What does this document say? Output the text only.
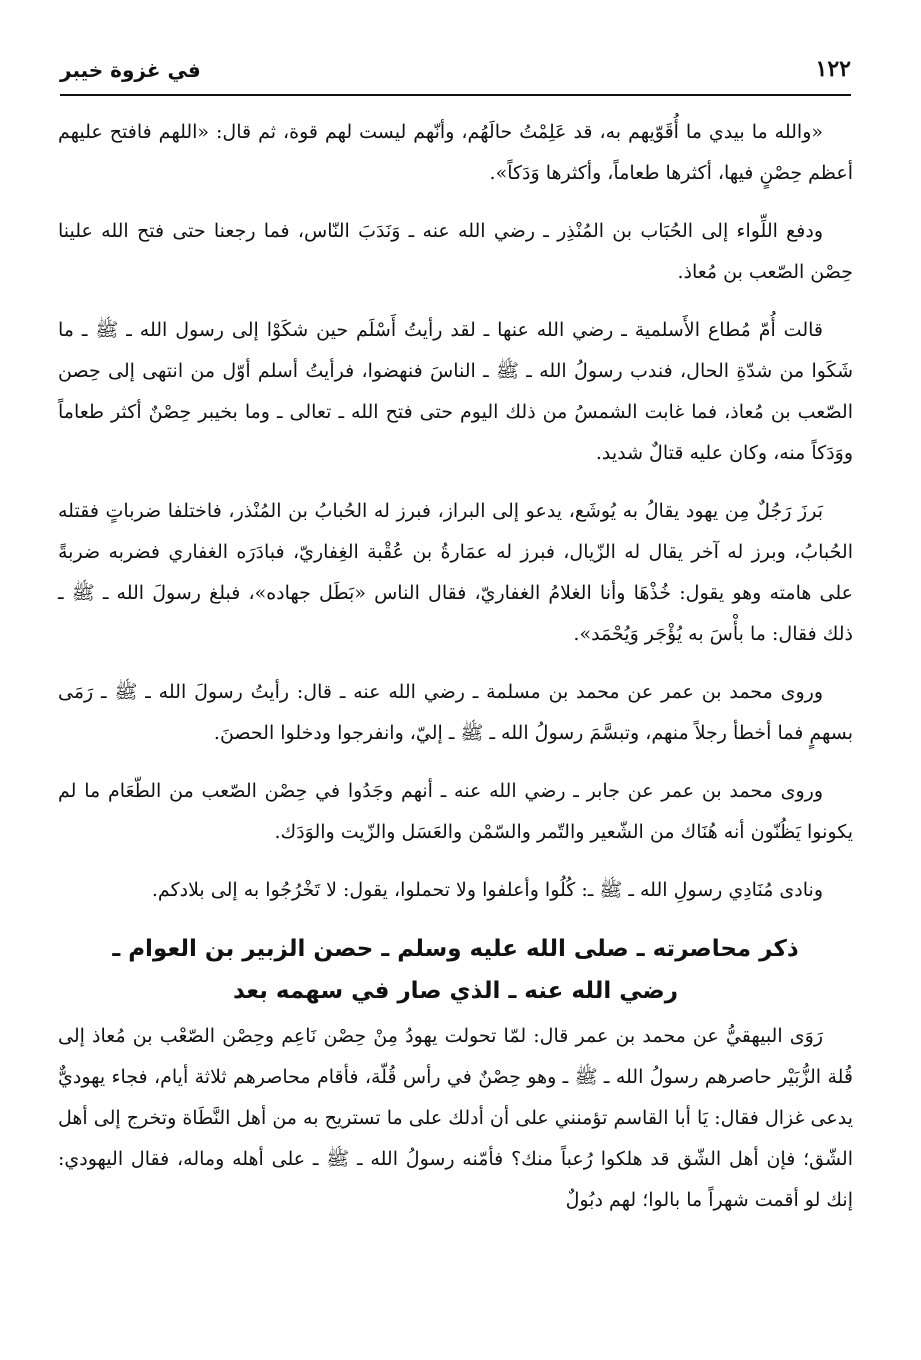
١٢٢
في غزوة خيبر

«والله ما بيدي ما أُقَوّيهم به، قد عَلِمْتُ حالَهُم، وأنّهم ليست لهم قوة، ثم قال: «اللهم فافتح عليهم أعظم حِصْنٍ فيها، أكثرها طعاماً، وأكثرها وَدَكاً».

ودفع اللِّواء إلى الحُبَاب بن المُنْذِر ـ رضي الله عنه ـ وَنَدَبَ النّاس، فما رجعنا حتى فتح الله علينا حِصْن الصّعب بن مُعاذ.

قالت أُمّ مُطاع الأَسلمية ـ رضي الله عنها ـ لقد رأيتُ أَسْلَم حين شكَوْا إلى رسول الله ـ ﷺ ـ ما شَكَوا من شدّةِ الحال، فندب رسولُ الله ـ ﷺ ـ الناسَ فنهضوا، فرأيتُ أسلم أوّل من انتهى إلى حِصن الصّعب بن مُعاذ، فما غابت الشمسُ من ذلك اليوم حتى فتح الله ـ تعالى ـ وما بخيبر حِصْنٌ أكثر طعاماً ووَدَكاً منه، وكان عليه قتالٌ شديد.

بَرزَ رَجُلٌ مِن يهود يقالُ به يُوشَع، يدعو إلى البراز، فبرز له الحُبابُ بن المُنْذر، فاختلفا ضرباتٍ فقتله الحُبابُ، وبرز له آخر يقال له الزّيال، فبرز له عمَارةُ بن عُقْبة الغِفاريّ، فبادَرَه الغفاري فضربه ضربةً على هامته وهو يقول: خُذْهَا وأنا الغلامُ الغفاريّ، فقال الناس «بَطَل جهاده»، فبلغ رسولَ الله ـ ﷺ ـ ذلك فقال: ما بأْسَ به يُؤْجَر وَيُحْمَد».

وروى محمد بن عمر عن محمد بن مسلمة ـ رضي الله عنه ـ قال: رأيتُ رسولَ الله ـ ﷺ ـ رَمَى بسهمٍ فما أخطأ رجلاً منهم، وتبسَّمَ رسولُ الله ـ ﷺ ـ إليّ، وانفرجوا ودخلوا الحصنَ.

وروى محمد بن عمر عن جابر ـ رضي الله عنه ـ أنهم وجَدُوا في حِصْن الصّعب من الطّعَام ما لم يكونوا يَظُنّون أنه هُنَاك من الشّعير والتّمر والسّمْن والعَسَل والزّيت والوَدَك.

ونادى مُنَادِي رسولِ الله ـ ﷺ ـ: كُلُوا وأعلفوا ولا تحملوا، يقول: لا تَخْرُجُوا به إلى بلادكم.

ذكر محاصرته ـ صلى الله عليه وسلم ـ حصن الزبير بن العوام ـ
رضي الله عنه ـ الذي صار في سهمه بعد

رَوَى البيهقيُّ عن محمد بن عمر قال: لمّا تحولت يهودُ مِنْ حِصْن نَاعِم وحِصْن الصّعْب بن مُعاذ إلى قُلة الزُّبَيْر حاصرهم رسولُ الله ـ ﷺ ـ وهو حِصْنٌ في رأس قُلّة، فأقام محاصرهم ثلاثة أيام، فجاء يهوديٌّ يدعى غزال فقال: يَا أبا القاسم تؤمنني على أن أدلك على ما تستريح به من أهل النَّطَاة وتخرج إلى أهل الشّق؛ فإن أهل الشّق قد هلكوا رُعباً منك؟ فأمّنه رسولُ الله ـ ﷺ ـ على أهله وماله، فقال اليهودي: إنك لو أقمت شهراً ما بالوا؛ لهم دبُولٌ
